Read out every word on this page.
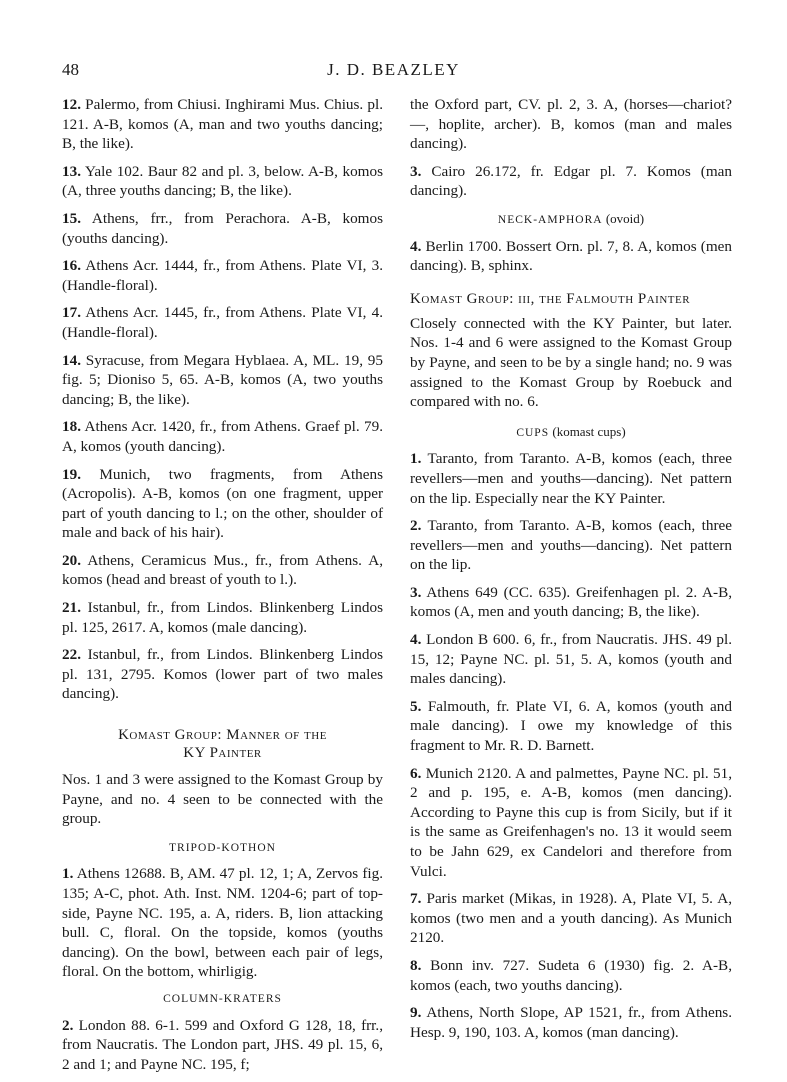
48	J. D. BEAZLEY

12. Palermo, from Chiusi. Inghirami Mus. Chius. pl. 121. A-B, komos (A, man and two youths dancing; B, the like).

13. Yale 102. Baur 82 and pl. 3, below. A-B, komos (A, three youths dancing; B, the like).

15. Athens, frr., from Perachora. A-B, komos (youths dancing).

16. Athens Acr. 1444, fr., from Athens. Plate VI, 3. (Handle-floral).

17. Athens Acr. 1445, fr., from Athens. Plate VI, 4. (Handle-floral).

14. Syracuse, from Megara Hyblaea. A, ML. 19, 95 fig. 5; Dioniso 5, 65. A-B, komos (A, two youths dancing; B, the like).

18. Athens Acr. 1420, fr., from Athens. Graef pl. 79. A, komos (youth dancing).

19. Munich, two fragments, from Athens (Acropolis). A-B, komos (on one fragment, upper part of youth dancing to l.; on the other, shoulder of male and back of his hair).

20. Athens, Ceramicus Mus., fr., from Athens. A, komos (head and breast of youth to l.).

21. Istanbul, fr., from Lindos. Blinkenberg Lindos pl. 125, 2617. A, komos (male dancing).

22. Istanbul, fr., from Lindos. Blinkenberg Lindos pl. 131, 2795. Komos (lower part of two males dancing).

Komast Group: Manner of the
KY Painter

Nos. 1 and 3 were assigned to the Komast Group by Payne, and no. 4 seen to be connected with the group.

TRIPOD-KOTHON

1. Athens 12688. B, AM. 47 pl. 12, 1; A, Zervos fig. 135; A-C, phot. Ath. Inst. NM. 1204-6; part of top-side, Payne NC. 195, a. A, riders. B, lion attacking bull. C, floral. On the topside, komos (youths dancing). On the bowl, between each pair of legs, floral. On the bottom, whirligig.

COLUMN-KRATERS

2. London 88. 6-1. 599 and Oxford G 128, 18, frr., from Naucratis. The London part, JHS. 49 pl. 15, 6, 2 and 1; and Payne NC. 195, f;

the Oxford part, CV. pl. 2, 3. A, (horses—chariot?—, hoplite, archer). B, komos (man and males dancing).

3. Cairo 26.172, fr. Edgar pl. 7. Komos (man dancing).

NECK-AMPHORA (ovoid)

4. Berlin 1700. Bossert Orn. pl. 7, 8. A, komos (men dancing). B, sphinx.

Komast Group: iii, the Falmouth Painter

Closely connected with the KY Painter, but later. Nos. 1-4 and 6 were assigned to the Komast Group by Payne, and seen to be by a single hand; no. 9 was assigned to the Komast Group by Roebuck and compared with no. 6.

CUPS (komast cups)

1. Taranto, from Taranto. A-B, komos (each, three revellers—men and youths—dancing). Net pattern on the lip. Especially near the KY Painter.

2. Taranto, from Taranto. A-B, komos (each, three revellers—men and youths—dancing). Net pattern on the lip.

3. Athens 649 (CC. 635). Greifenhagen pl. 2. A-B, komos (A, men and youth dancing; B, the like).

4. London B 600. 6, fr., from Naucratis. JHS. 49 pl. 15, 12; Payne NC. pl. 51, 5. A, komos (youth and males dancing).

5. Falmouth, fr. Plate VI, 6. A, komos (youth and male dancing). I owe my knowledge of this fragment to Mr. R. D. Barnett.

6. Munich 2120. A and palmettes, Payne NC. pl. 51, 2 and p. 195, e. A-B, komos (men dancing). According to Payne this cup is from Sicily, but if it is the same as Greifenhagen's no. 13 it would seem to be Jahn 629, ex Candelori and therefore from Vulci.

7. Paris market (Mikas, in 1928). A, Plate VI, 5. A, komos (two men and a youth dancing). As Munich 2120.

8. Bonn inv. 727. Sudeta 6 (1930) fig. 2. A-B, komos (each, two youths dancing).

9. Athens, North Slope, AP 1521, fr., from Athens. Hesp. 9, 190, 103. A, komos (man dancing).
